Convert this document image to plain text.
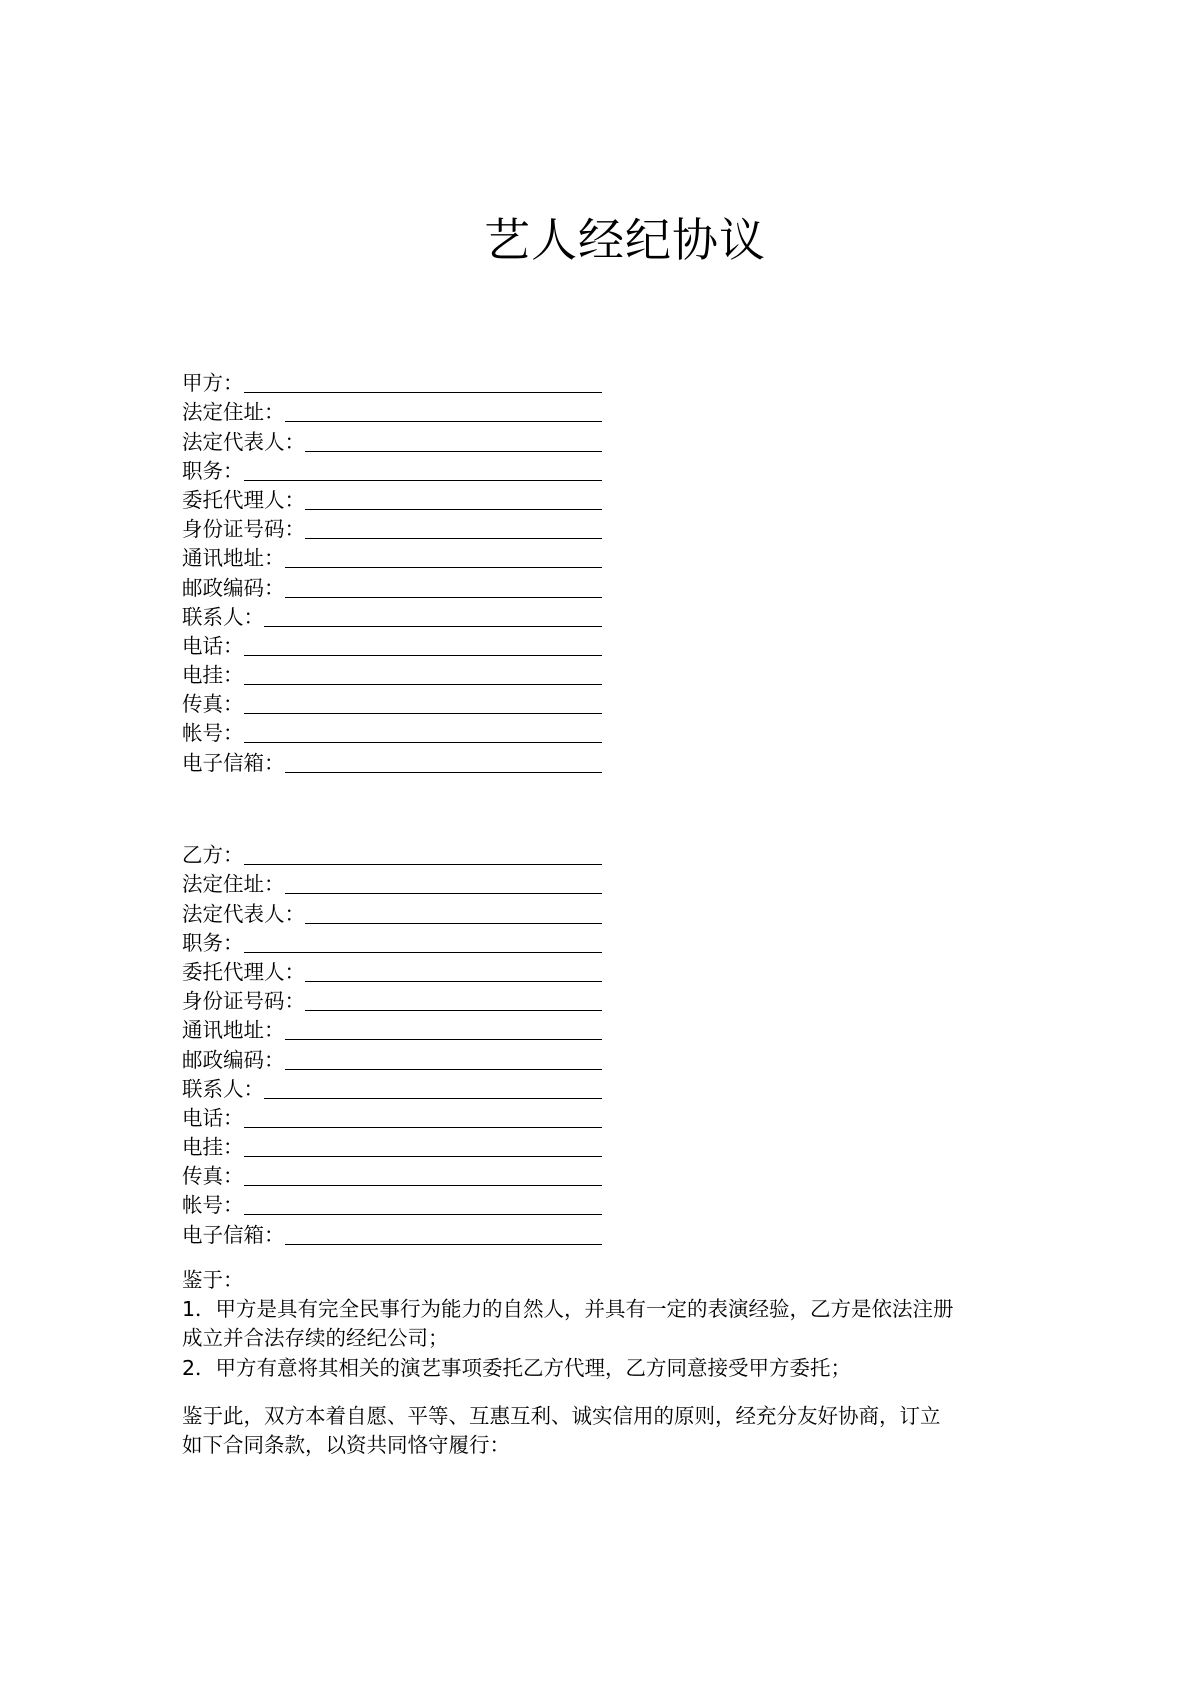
艺人经纪协议
甲方：
法定住址：
法定代表人：
职务：
委托代理人：
身份证号码：
通讯地址：
邮政编码：
联系人：
电话：
电挂：
传真：
帐号：
电子信箱：
乙方：
法定住址：
法定代表人：
职务：
委托代理人：
身份证号码：
通讯地址：
邮政编码：
联系人：
电话：
电挂：
传真：
帐号：
电子信箱：

鉴于：

1．甲方是具有完全民事行为能力的自然人，并具有一定的表演经验，乙方是依法注册

成立并合法存续的经纪公司；

2．甲方有意将其相关的演艺事项委托乙方代理，乙方同意接受甲方委托；

鉴于此，双方本着自愿、平等、互惠互利、诚实信用的原则，经充分友好协商，订立

如下合同条款，以资共同恪守履行：
